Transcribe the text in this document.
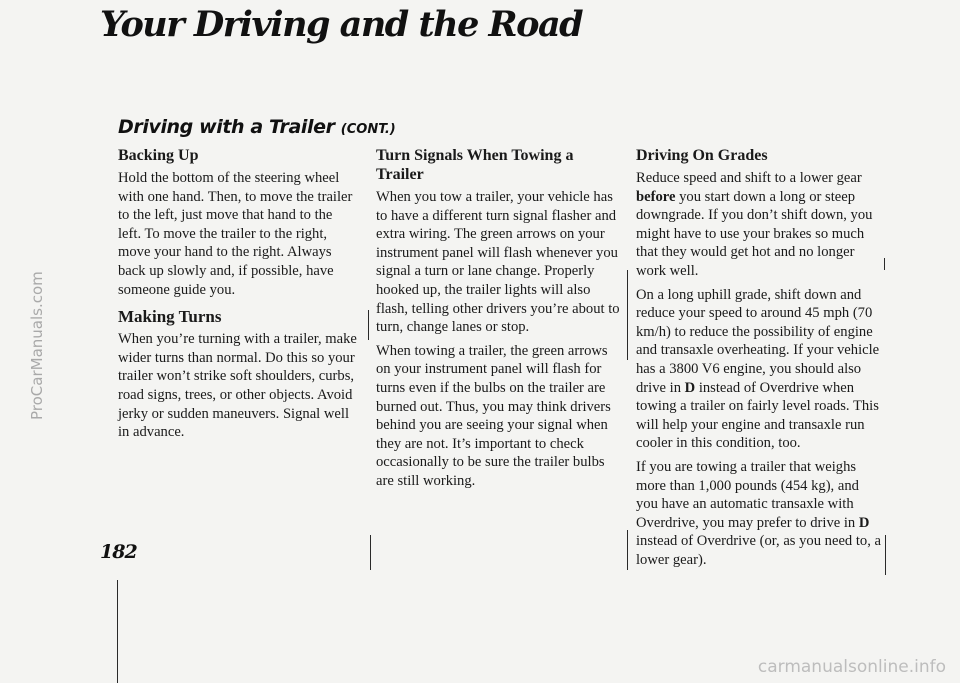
Your Driving and the Road
Driving with a Trailer (CONT.)
Backing Up

Hold the bottom of the steering wheel with one hand. Then, to move the trailer to the left, just move that hand to the left. To move the trailer to the right, move your hand to the right. Always back up slowly and, if possible, have someone guide you.

Making Turns

When you’re turning with a trailer, make wider turns than normal. Do this so your trailer won’t strike soft shoulders, curbs, road signs, trees, or other objects. Avoid jerky or sudden maneuvers. Signal well in advance.

Turn Signals When Towing a Trailer

When you tow a trailer, your vehicle has to have a different turn signal flasher and extra wiring. The green arrows on your instrument panel will flash whenever you signal a turn or lane change. Properly hooked up, the trailer lights will also flash, telling other drivers you’re about to turn, change lanes or stop.

When towing a trailer, the green arrows on your instrument panel will flash for turns even if the bulbs on the trailer are burned out. Thus, you may think drivers behind you are seeing your signal when they are not. It’s important to check occasionally to be sure the trailer bulbs are still working.

Driving On Grades

Reduce speed and shift to a lower gear before you start down a long or steep downgrade. If you don’t shift down, you might have to use your brakes so much that they would get hot and no longer work well.

On a long uphill grade, shift down and reduce your speed to around 45 mph (70 km/h) to reduce the possibility of engine and transaxle overheating. If your vehicle has a 3800 V6 engine, you should also drive in D instead of Overdrive when towing a trailer on fairly level roads. This will help your engine and transaxle run cooler in this condition, too.

If you are towing a trailer that weighs more than 1,000 pounds (454 kg), and you have an automatic transaxle with Overdrive, you may prefer to drive in D instead of Overdrive (or, as you need to, a lower gear).

182
ProCarManuals.com
carmanualsonline.info
